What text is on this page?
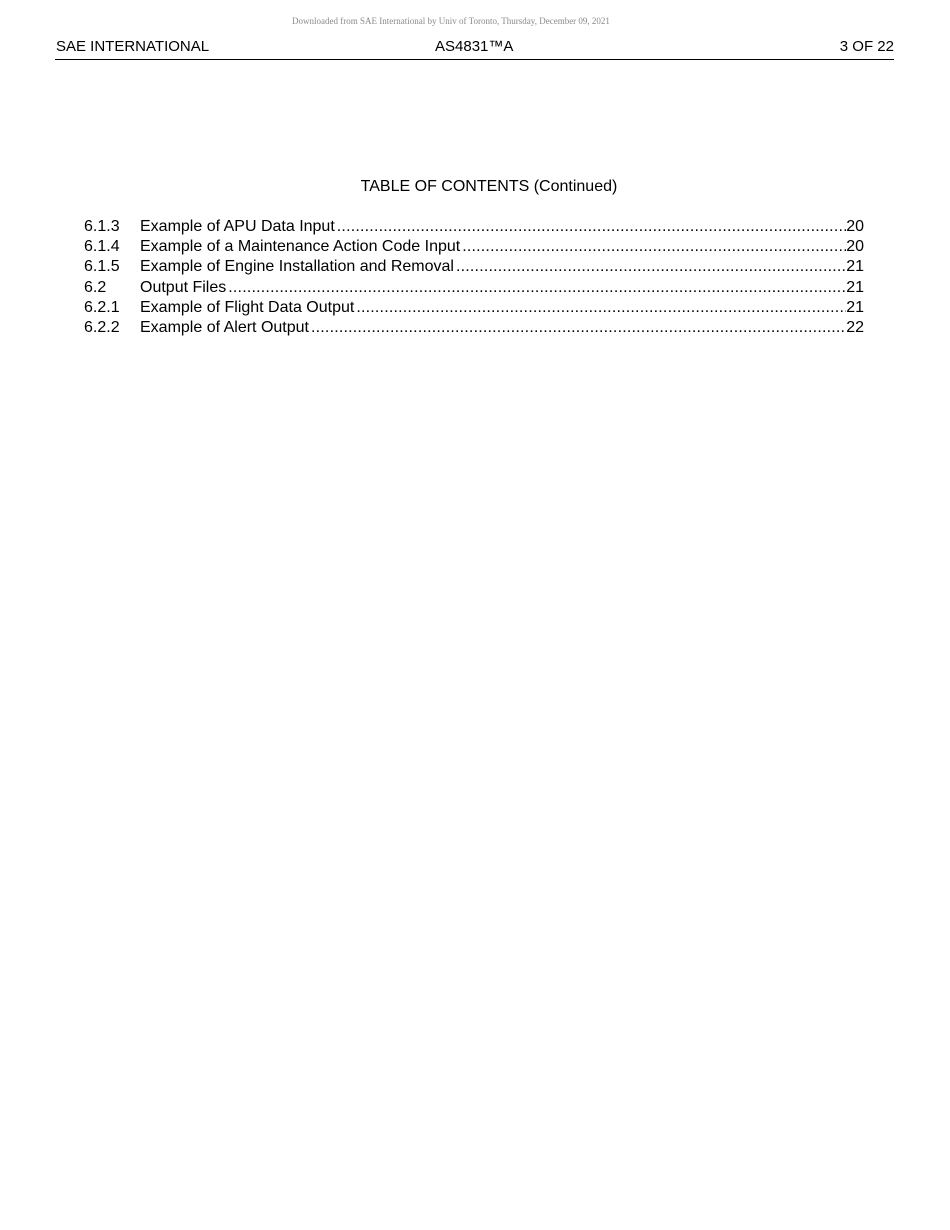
Downloaded from SAE International by Univ of Toronto, Thursday, December 09, 2021
SAE INTERNATIONAL	AS4831™A	3 OF 22
TABLE OF CONTENTS (Continued)
6.1.3	Example of APU Data Input .....	20
6.1.4	Example of a Maintenance Action Code Input .....	20
6.1.5	Example of Engine Installation and Removal .....	21
6.2	Output Files .....	21
6.2.1	Example of Flight Data Output .....	21
6.2.2	Example of Alert Output .....	22
